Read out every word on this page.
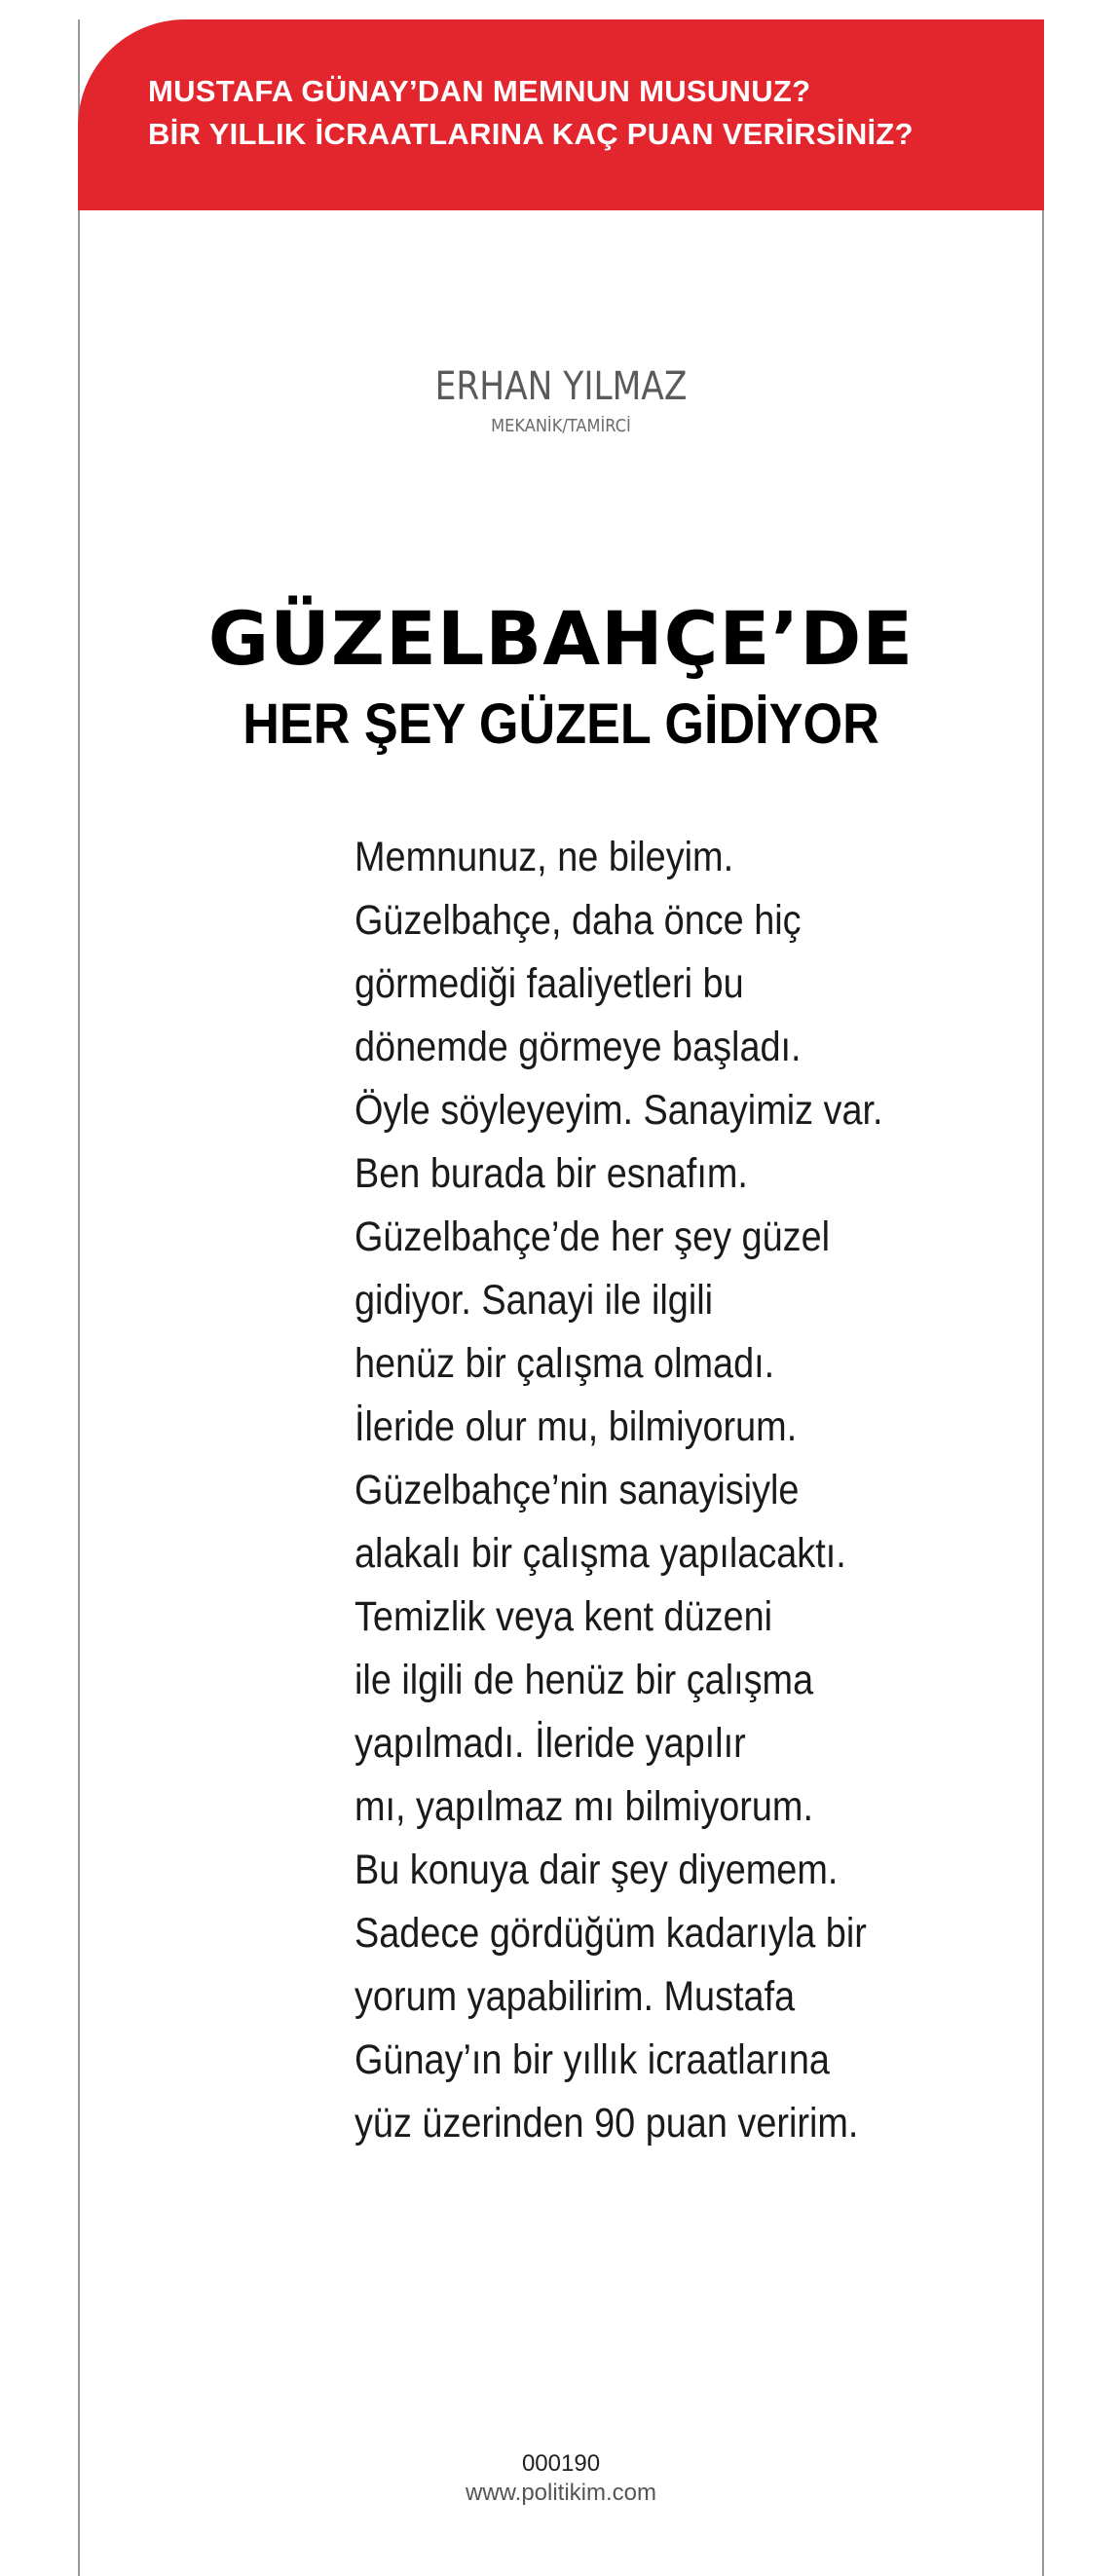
MUSTAFA GÜNAY’DAN MEMNUN MUSUNUZ?
BİR YILLIK İCRAATLARINA KAÇ PUAN VERİRSİNİZ?
ERHAN YILMAZ
MEKANİK/TAMİRCİ
GÜZELBAHÇE’DE
HER ŞEY GÜZEL GİDİYOR
Memnunuz, ne bileyim.
Güzelbahçe, daha önce hiç
görmediği faaliyetleri bu
dönemde görmeye başladı.
Öyle söyleyeyim. Sanayimiz var.
Ben burada bir esnafım.
Güzelbahçe’de her şey güzel
gidiyor. Sanayi ile ilgili
henüz bir çalışma olmadı.
İleride olur mu, bilmiyorum.
Güzelbahçe’nin sanayisiyle
alakalı bir çalışma yapılacaktı.
Temizlik veya kent düzeni
ile ilgili de henüz bir çalışma
yapılmadı. İleride yapılır
mı, yapılmaz mı bilmiyorum.
Bu konuya dair şey diyemem.
Sadece gördüğüm kadarıyla bir
yorum yapabilirim. Mustafa
Günay’ın bir yıllık icraatlarına
yüz üzerinden 90 puan veririm.
000190
www.politikim.com
